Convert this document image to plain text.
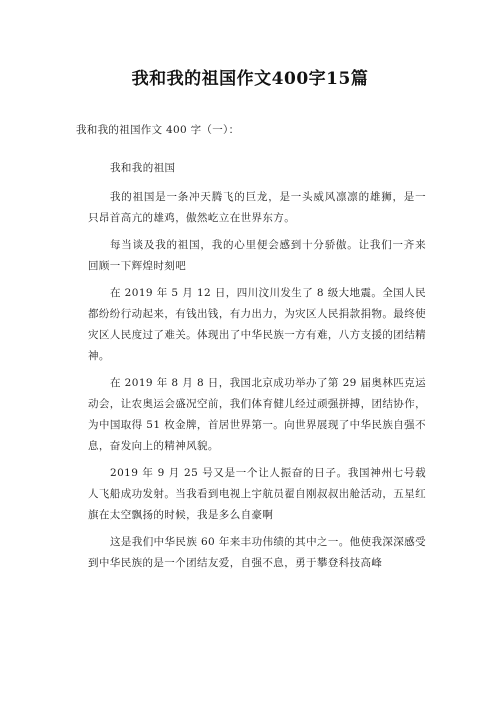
我和我的祖国作文400字15篇
我和我的祖国作文 400 字（一）：

我和我的祖国

我的祖国是一条冲天腾飞的巨龙，是一头威风凛凛的雄狮，是一只昂首高亢的雄鸡，傲然屹立在世界东方。

每当谈及我的祖国，我的心里便会感到十分骄傲。让我们一齐来回顾一下辉煌时刻吧

在 2019 年 5 月 12 日，四川汶川发生了 8 级大地震。全国人民都纷纷行动起来，有钱出钱，有力出力，为灾区人民捐款捐物。最终使灾区人民度过了难关。体现出了中华民族一方有难，八方支援的团结精神。

在 2019 年 8 月 8 日，我国北京成功举办了第 29 届奥林匹克运动会，让农奥运会盛况空前，我们体育健儿经过顽强拼搏，团结协作，为中国取得 51 枚金牌，首居世界第一。向世界展现了中华民族自强不息，奋发向上的精神风貌。

2019 年 9 月 25 号又是一个让人振奋的日子。我国神州七号载人飞船成功发射。当我看到电视上宇航员翟自刚叔叔出舱活动，五星红旗在太空飘扬的时候，我是多么自豪啊

这是我们中华民族 60 年来丰功伟绩的其中之一。他使我深深感受到中华民族的是一个团结友爱，自强不息，勇于攀登科技高峰
